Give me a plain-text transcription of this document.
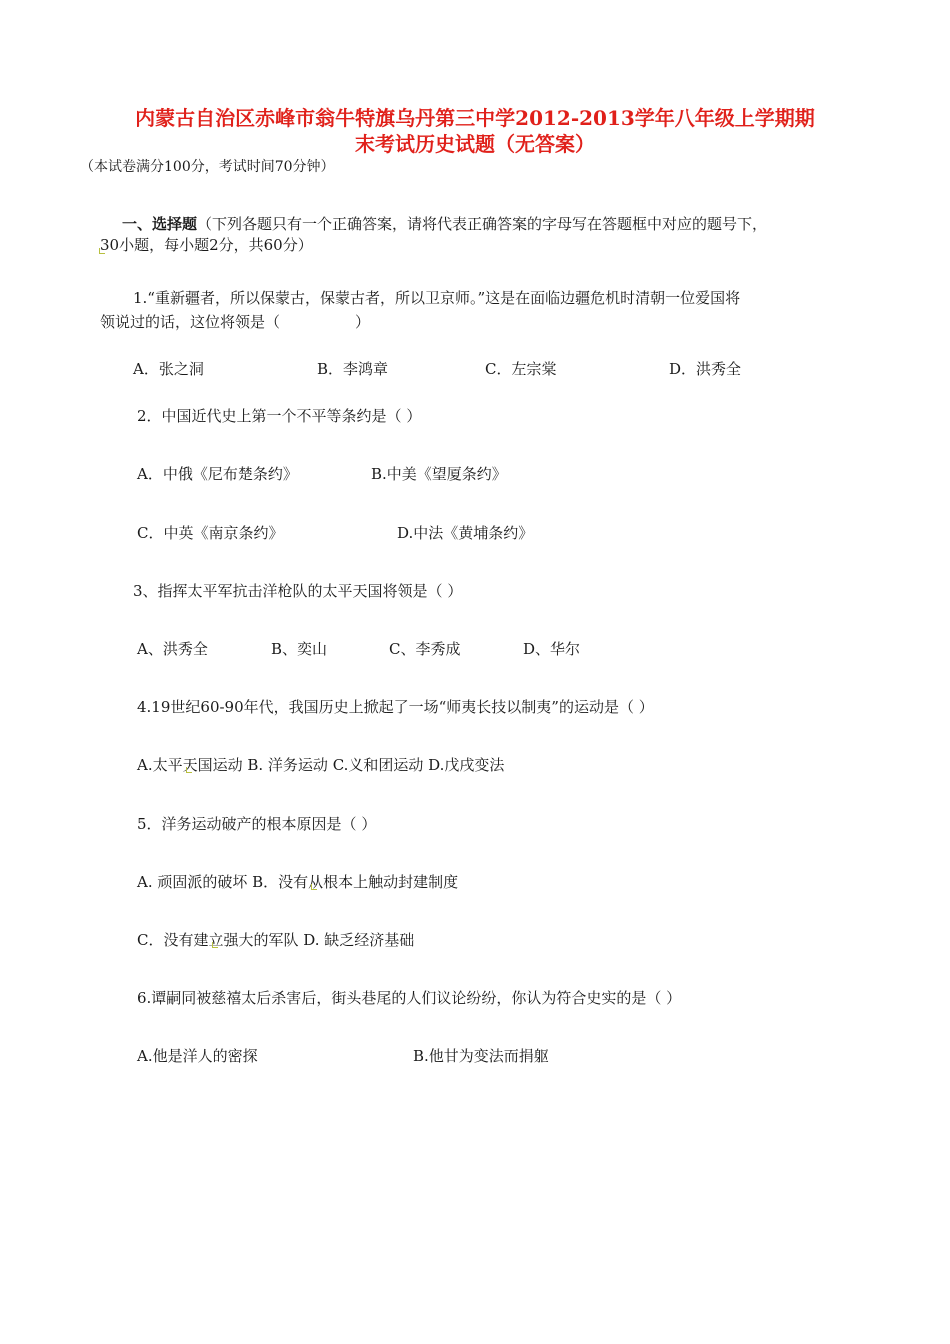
内蒙古自治区赤峰市翁牛特旗乌丹第三中学2012-2013学年八年级上学期期
末考试历史试题（无答案）
（本试卷满分100分，考试时间70分钟）
一、选择题（下列各题只有一个正确答案，请将代表正确答案的字母写在答题框中对应的题号下，
30小题，每小题2分，共60分）
1.“重新疆者，所以保蒙古，保蒙古者，所以卫京师。”这是在面临边疆危机时清朝一位爱国将
领说过的话，这位将领是（　　　　　）
A．张之洞	B．李鸿章	C．左宗棠	D．洪秀全
2．中国近代史上第一个不平等条约是（ ）
A．中俄《尼布楚条约》	B.中美《望厦条约》
C．中英《南京条约》	D.中法《黄埔条约》
3、指挥太平军抗击洋枪队的太平天国将领是（ ）
A、洪秀全	B、奕山	C、李秀成	D、华尔
4.19世纪60-90年代，我国历史上掀起了一场“师夷长技以制夷”的运动是（ ）
A.太平天国运动 B. 洋务运动 C.义和团运动 D.戊戌变法
5．洋务运动破产的根本原因是（ ）
A. 顽固派的破坏 B．没有从根本上触动封建制度
C．没有建立强大的军队 D. 缺乏经济基础
6.谭嗣同被慈禧太后杀害后，街头巷尾的人们议论纷纷，你认为符合史实的是（ ）
A.他是洋人的密探	B.他甘为变法而捐躯
